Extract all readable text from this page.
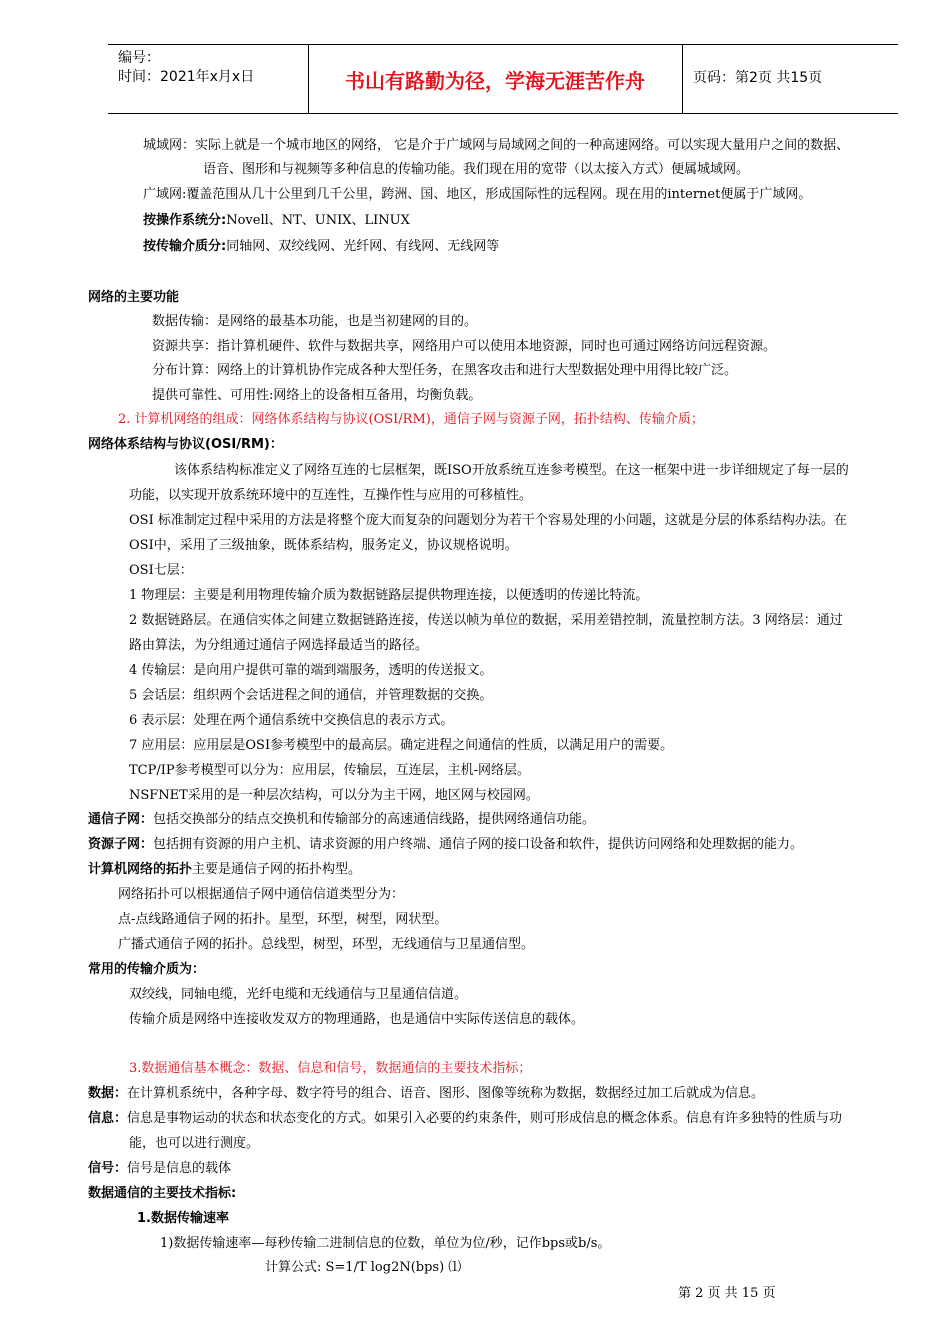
编号：
时间：2021年x月x日	书山有路勤为径，学海无涯苦作舟	页码：第2页 共15页
城域网：实际上就是一个城市地区的网络， 它是介于广域网与局域网之间的一种高速网络。可以实现大量用户之间的数据、
语音、图形和与视频等多种信息的传输功能。我们现在用的宽带（以太接入方式）便属城域网。
广域网:覆盖范围从几十公里到几千公里，跨洲、国、地区，形成国际性的远程网。现在用的internet便属于广域网。
按操作系统分:Novell、NT、UNIX、LINUX
按传输介质分:同轴网、双绞线网、光纤网、有线网、无线网等
网络的主要功能
数据传输：是网络的最基本功能，也是当初建网的目的。
资源共享：指计算机硬件、软件与数据共享，网络用户可以使用本地资源，同时也可通过网络访问远程资源。
分布计算：网络上的计算机协作完成各种大型任务，在黑客攻击和进行大型数据处理中用得比较广泛。
提供可靠性、可用性:网络上的设备相互备用，均衡负载。
2. 计算机网络的组成：网络体系结构与协议(OSI/RM)，通信子网与资源子网，拓扑结构、传输介质；
网络体系结构与协议(OSI/RM)：
该体系结构标准定义了网络互连的七层框架，既ISO开放系统互连参考模型。在这一框架中进一步详细规定了每一层的
功能，以实现开放系统环境中的互连性，互操作性与应用的可移植性。
OSI 标准制定过程中采用的方法是将整个庞大而复杂的问题划分为若干个容易处理的小问题，这就是分层的体系结构办法。在
OSI中，采用了三级抽象，既体系结构，服务定义，协议规格说明。
OSI七层：
1 物理层：主要是利用物理传输介质为数据链路层提供物理连接，以便透明的传递比特流。
2 数据链路层。在通信实体之间建立数据链路连接，传送以帧为单位的数据，采用差错控制，流量控制方法。3 网络层：通过
路由算法，为分组通过通信子网选择最适当的路径。
4 传输层：是向用户提供可靠的端到端服务，透明的传送报文。
5 会话层：组织两个会话进程之间的通信，并管理数据的交换。
6 表示层：处理在两个通信系统中交换信息的表示方式。
7 应用层：应用层是OSI参考模型中的最高层。确定进程之间通信的性质，以满足用户的需要。
TCP/IP参考模型可以分为：应用层，传输层，互连层，主机-网络层。
NSFNET采用的是一种层次结构，可以分为主干网，地区网与校园网。
通信子网：包括交换部分的结点交换机和传输部分的高速通信线路，提供网络通信功能。
资源子网：包括拥有资源的用户主机、请求资源的用户终端、通信子网的接口设备和软件，提供访问网络和处理数据的能力。
计算机网络的拓扑主要是通信子网的拓扑构型。
网络拓扑可以根据通信子网中通信信道类型分为：
点-点线路通信子网的拓扑。星型，环型，树型，网状型。
广播式通信子网的拓扑。总线型，树型，环型，无线通信与卫星通信型。
常用的传输介质为：
双绞线，同轴电缆，光纤电缆和无线通信与卫星通信信道。
传输介质是网络中连接收发双方的物理通路，也是通信中实际传送信息的载体。
3.数据通信基本概念：数据、信息和信号，数据通信的主要技术指标；
数据：在计算机系统中，各种字母、数字符号的组合、语音、图形、图像等统称为数据，数据经过加工后就成为信息。
信息：信息是事物运动的状态和状态变化的方式。如果引入必要的约束条件，则可形成信息的概念体系。信息有许多独特的性质与功
能，也可以进行测度。
信号：信号是信息的载体
数据通信的主要技术指标:
1.数据传输速率
1)数据传输速率—每秒传输二进制信息的位数，单位为位/秒，记作bps或b/s。
计算公式: S=1/T log2N(bps) ⑴
第 2 页 共 15 页
